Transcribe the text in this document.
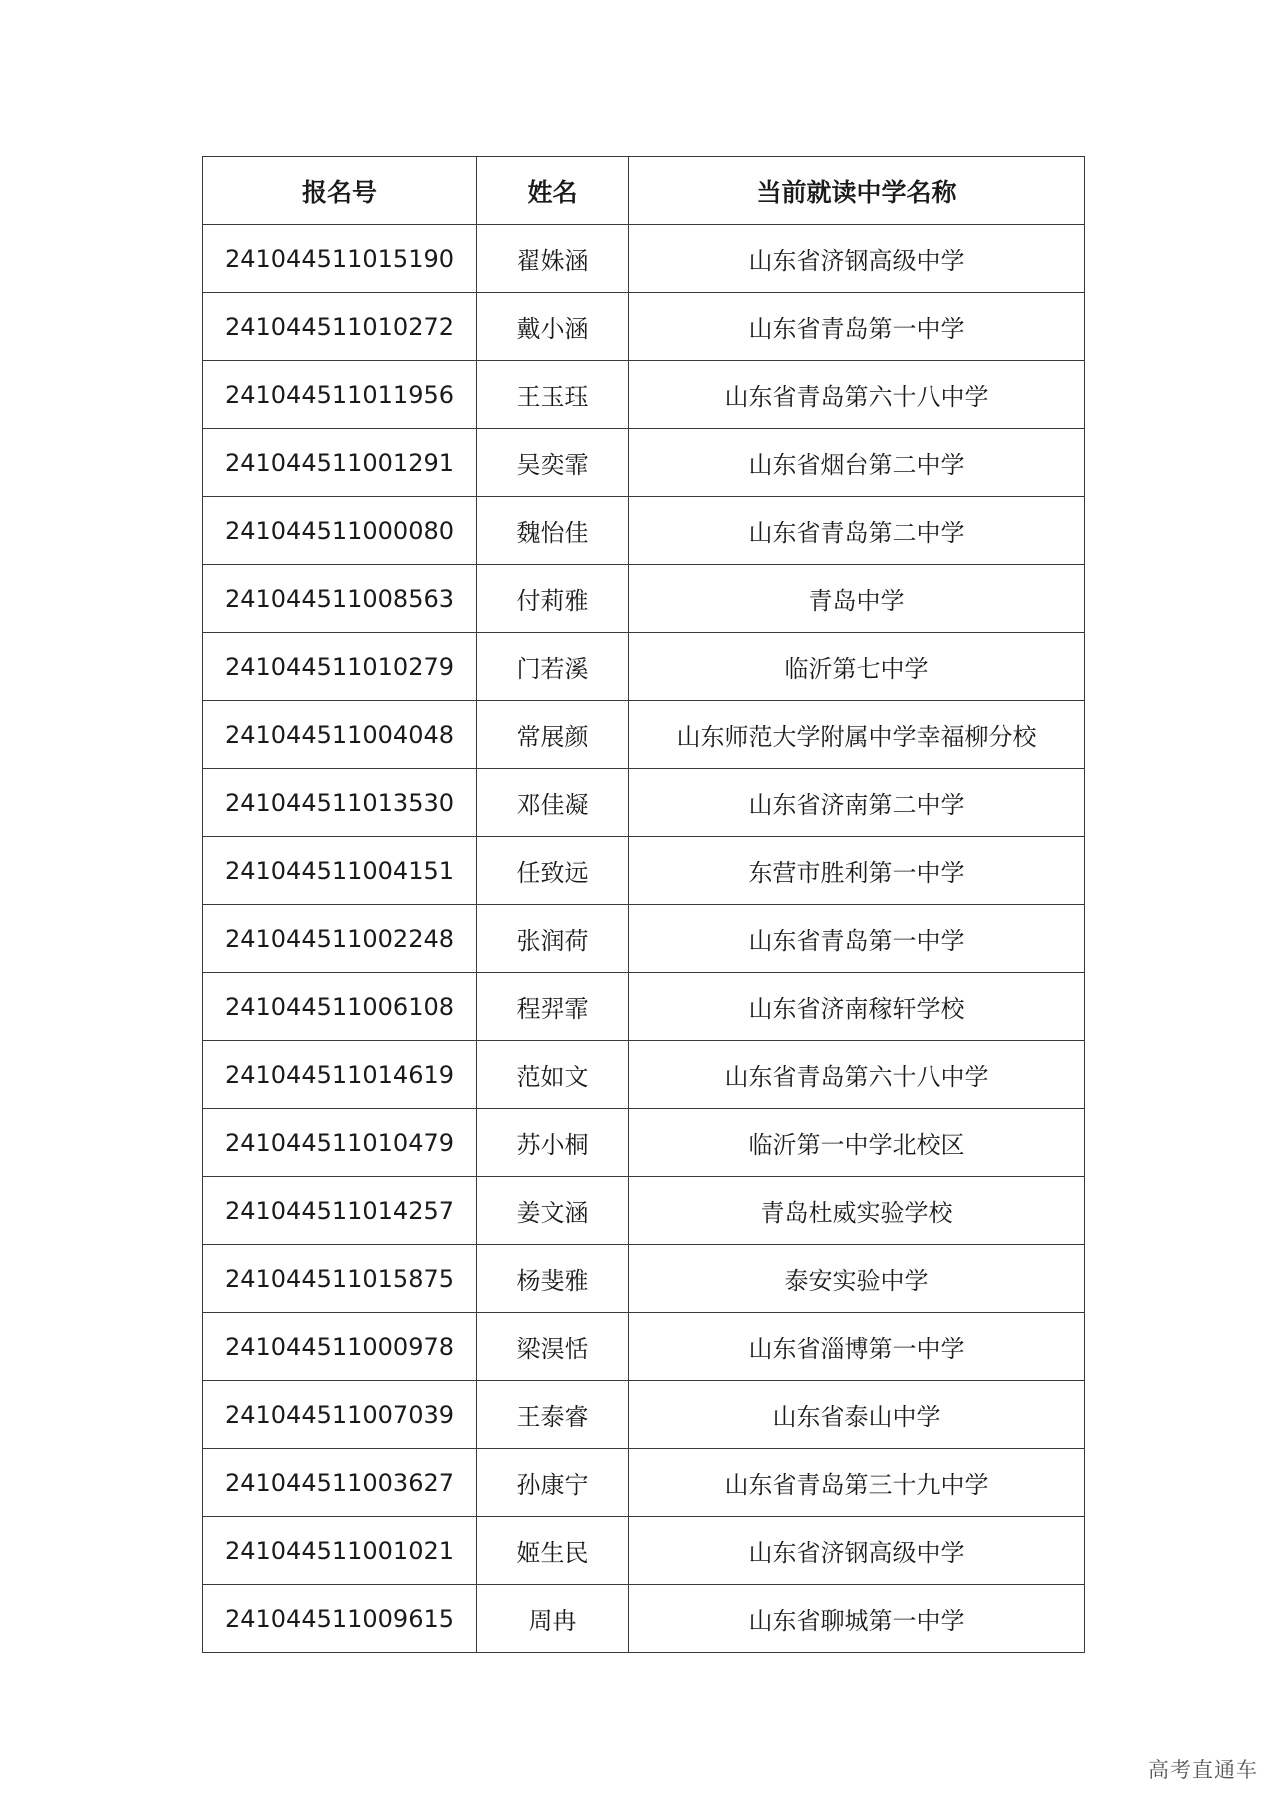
报名号	姓名	当前就读中学名称
241044511015190	翟姝涵	山东省济钢高级中学
241044511010272	戴小涵	山东省青岛第一中学
241044511011956	王玉珏	山东省青岛第六十八中学
241044511001291	吴奕霏	山东省烟台第二中学
241044511000080	魏怡佳	山东省青岛第二中学
241044511008563	付莉雅	青岛中学
241044511010279	门若溪	临沂第七中学
241044511004048	常展颜	山东师范大学附属中学幸福柳分校
241044511013530	邓佳凝	山东省济南第二中学
241044511004151	任致远	东营市胜利第一中学
241044511002248	张润荷	山东省青岛第一中学
241044511006108	程羿霏	山东省济南稼轩学校
241044511014619	范如文	山东省青岛第六十八中学
241044511010479	苏小桐	临沂第一中学北校区
241044511014257	姜文涵	青岛杜威实验学校
241044511015875	杨斐雅	泰安实验中学
241044511000978	梁淏恬	山东省淄博第一中学
241044511007039	王泰睿	山东省泰山中学
241044511003627	孙康宁	山东省青岛第三十九中学
241044511001021	姬生民	山东省济钢高级中学
241044511009615	周冉	山东省聊城第一中学
高考直通车
